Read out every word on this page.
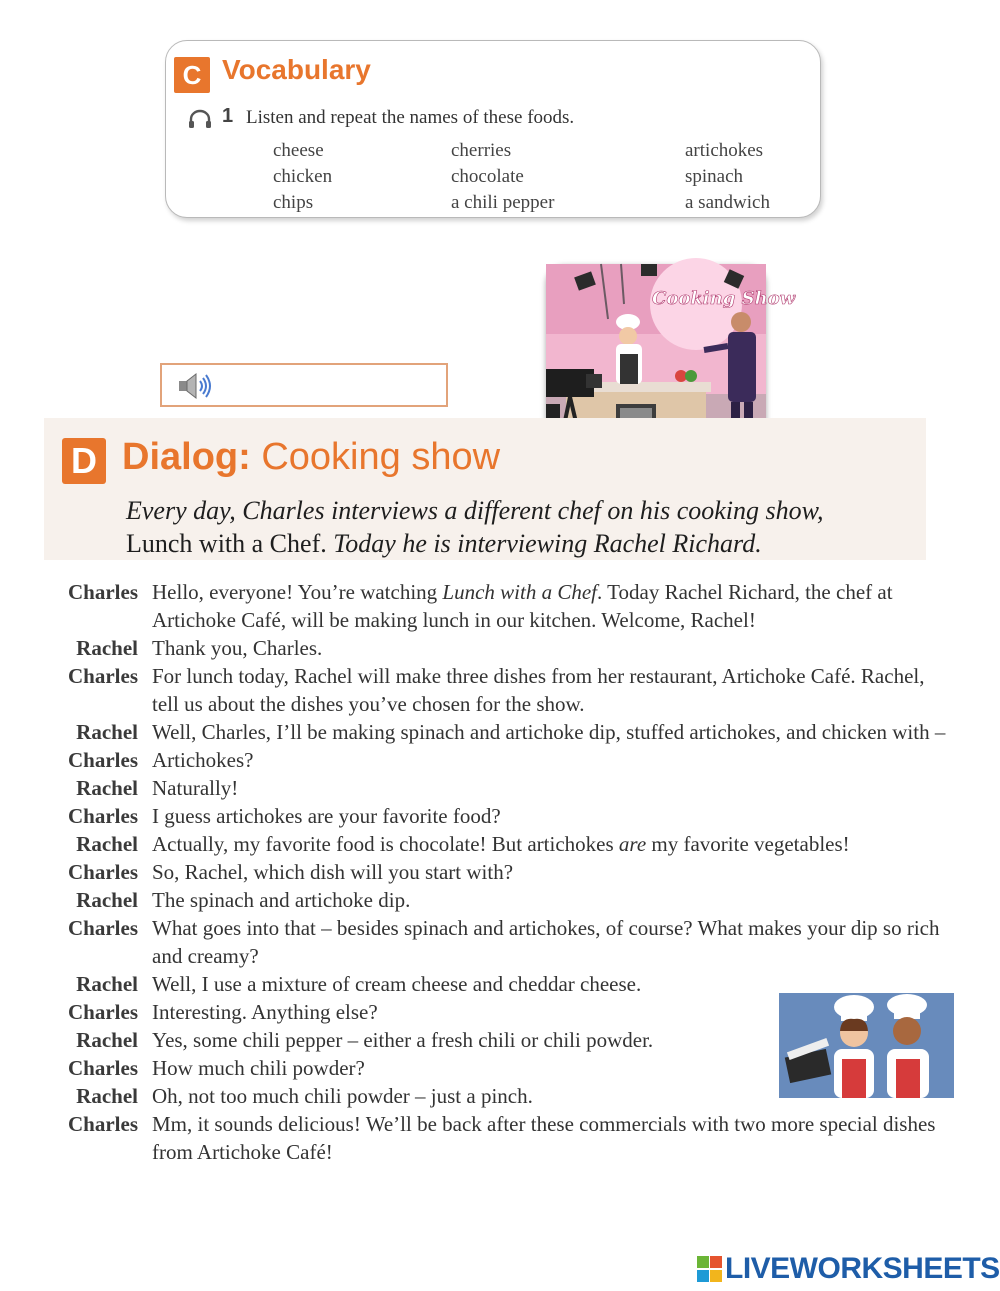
C Vocabulary
1 Listen and repeat the names of these foods.
cheese
chicken
chips
cherries
chocolate
a chili pepper
artichokes
spinach
a sandwich
Cooking Show
D Dialog: Cooking show
Every day, Charles interviews a different chef on his cooking show,
Lunch with a Chef. Today he is interviewing Rachel Richard.
Charles Hello, everyone! You’re watching Lunch with a Chef. Today Rachel Richard, the chef at Artichoke Café, will be making lunch in our kitchen. Welcome, Rachel!
Rachel Thank you, Charles.
Charles For lunch today, Rachel will make three dishes from her restaurant, Artichoke Café. Rachel, tell us about the dishes you’ve chosen for the show.
Rachel Well, Charles, I’ll be making spinach and artichoke dip, stuffed artichokes, and chicken with –
Charles Artichokes?
Rachel Naturally!
Charles I guess artichokes are your favorite food?
Rachel Actually, my favorite food is chocolate! But artichokes are my favorite vegetables!
Charles So, Rachel, which dish will you start with?
Rachel The spinach and artichoke dip.
Charles What goes into that – besides spinach and artichokes, of course? What makes your dip so rich and creamy?
Rachel Well, I use a mixture of cream cheese and cheddar cheese.
Charles Interesting. Anything else?
Rachel Yes, some chili pepper – either a fresh chili or chili powder.
Charles How much chili powder?
Rachel Oh, not too much chili powder – just a pinch.
Charles Mm, it sounds delicious! We’ll be back after these commercials with two more special dishes from Artichoke Café!
LIVEWORKSHEETS
